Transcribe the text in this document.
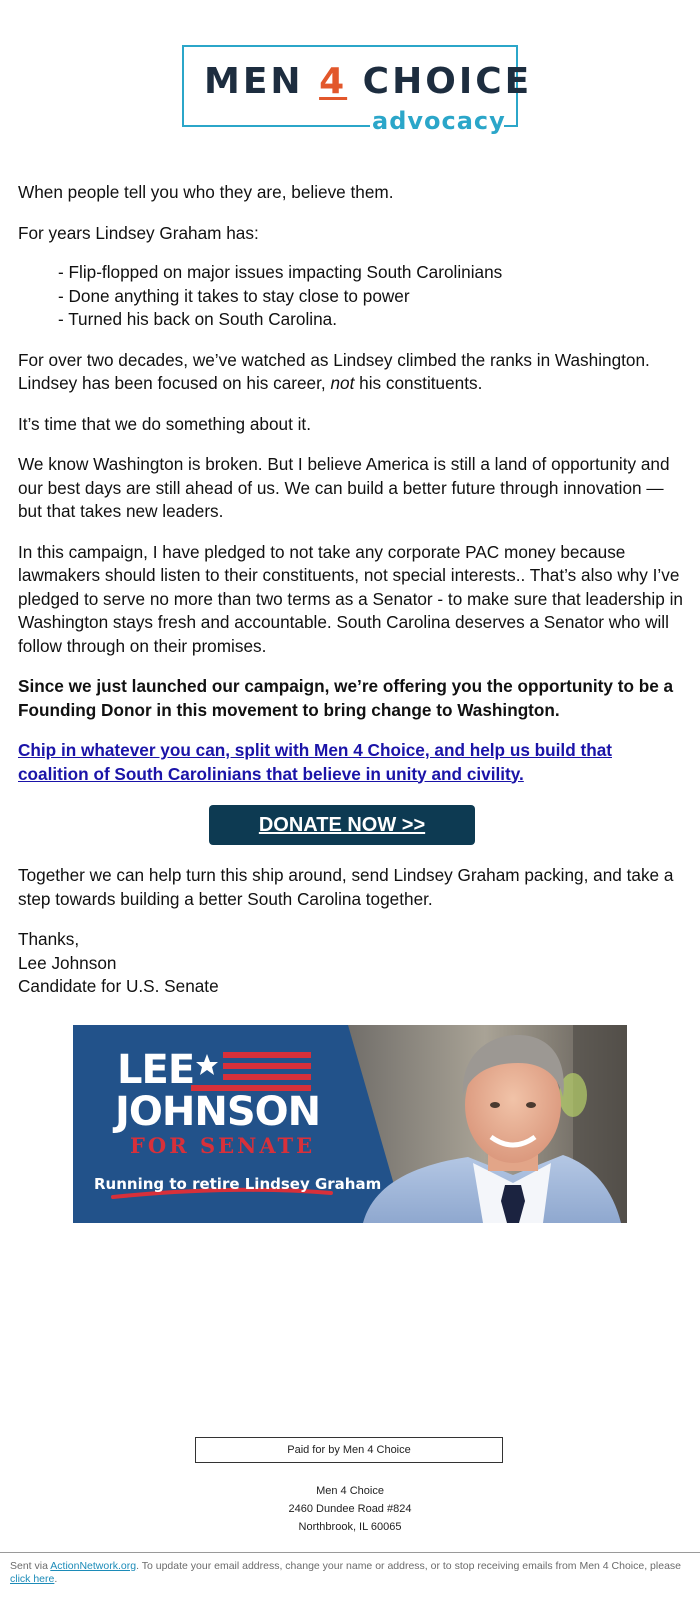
MEN 4 CHOICE
advocacy

When people tell you who they are, believe them.

For years Lindsey Graham has:

- Flip-flopped on major issues impacting South Carolinians
- Done anything it takes to stay close to power
- Turned his back on South Carolina.

For over two decades, we’ve watched as Lindsey climbed the ranks in Washington. Lindsey has been focused on his career, not his constituents.

It’s time that we do something about it.

We know Washington is broken. But I believe America is still a land of opportunity and our best days are still ahead of us. We can build a better future through innovation — but that takes new leaders.

In this campaign, I have pledged to not take any corporate PAC money because lawmakers should listen to their constituents, not special interests.. That’s also why I’ve pledged to serve no more than two terms as a Senator - to make sure that leadership in Washington stays fresh and accountable. South Carolina deserves a Senator who will follow through on their promises.

Since we just launched our campaign, we’re offering you the opportunity to be a Founding Donor in this movement to bring change to Washington.

Chip in whatever you can, split with Men 4 Choice, and help us build that coalition of South Carolinians that believe in unity and civility.

DONATE NOW >>

Together we can help turn this ship around, send Lindsey Graham packing, and take a step towards building a better South Carolina together.

Thanks,

Lee Johnson

Candidate for U.S. Senate

LEE
JOHNSON
FOR SENATE
Running to retire Lindsey Graham
Paid for by Men 4 Choice

Men 4 Choice

2460 Dundee Road #824

Northbrook, IL 60065

Sent via ActionNetwork.org. To update your email address, change your name or address, or to stop receiving emails from Men 4 Choice, please click here.
